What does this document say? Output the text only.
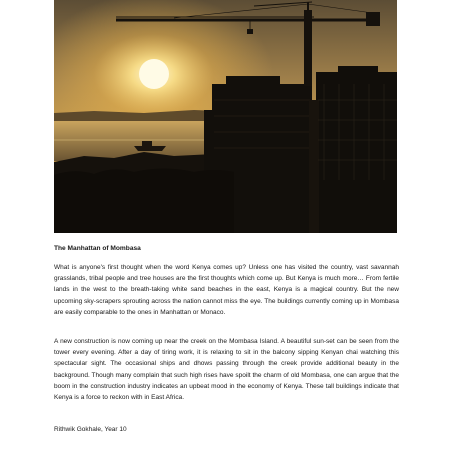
The Manhattan of Mombasa

What is anyone's first thought when the word Kenya comes up? Unless one has visited the country, vast savannah grasslands, tribal people and tree houses are the first thoughts which come up. But Kenya is much more… From fertile lands in the west to the breath-taking white sand beaches in the east, Kenya is a magical country. But the new upcoming sky-scrapers sprouting across the nation cannot miss the eye. The buildings currently coming up in Mombasa are easily comparable to the ones in Manhattan or Monaco.

A new construction is now coming up near the creek on the Mombasa Island. A beautiful sun-set can be seen from the tower every evening. After a day of tiring work, it is relaxing to sit in the balcony sipping Kenyan chai watching this spectacular sight. The occasional ships and dhows passing through the creek provide additional beauty in the background. Though many complain that such high rises have spoilt the charm of old Mombasa, one can argue that the boom in the construction industry indicates an upbeat mood in the economy of Kenya. These tall buildings indicate that Kenya is a force to reckon with in East Africa.

Rithwik Gokhale, Year 10
